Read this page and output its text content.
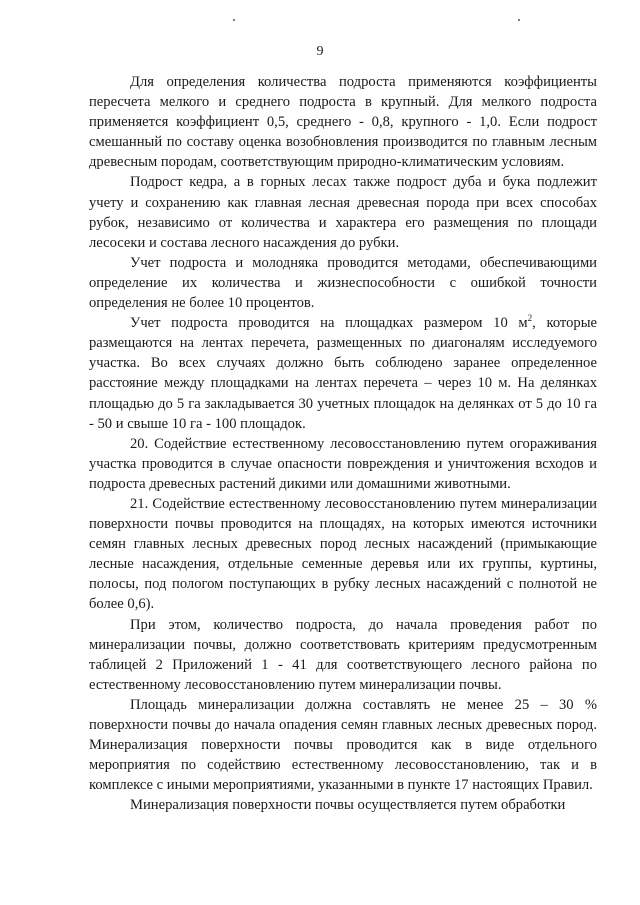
9

Для определения количества подроста применяются коэффициенты пересчета мелкого и среднего подроста в крупный. Для мелкого подроста применяется коэффициент 0,5, среднего - 0,8, крупного - 1,0. Если подрост смешанный по составу оценка возобновления производится по главным лесным древесным породам, соответствующим природно-климатическим условиям.

Подрост кедра, а в горных лесах также подрост дуба и бука подлежит учету и сохранению как главная лесная древесная порода при всех способах рубок, независимо от количества и характера его размещения по площади лесосеки и состава лесного насаждения до рубки.

Учет подроста и молодняка проводится методами, обеспечивающими определение их количества и жизнеспособности с ошибкой точности определения не более 10 процентов.

Учет подроста проводится на площадках размером 10 $м^2$, которые размещаются на лентах перечета, размещенных по диагоналям исследуемого участка. Во всех случаях должно быть соблюдено заранее определенное расстояние между площадками на лентах перечета – через 10 м. На делянках площадью до 5 га закладывается 30 учетных площадок на делянках от 5 до 10 га - 50 и свыше 10 га - 100 площадок.

20. Содействие естественному лесовосстановлению путем огораживания участка проводится в случае опасности повреждения и уничтожения всходов и подроста древесных растений дикими или домашними животными.

21. Содействие естественному лесовосстановлению путем минерализации поверхности почвы проводится на площадях, на которых имеются источники семян главных лесных древесных пород лесных насаждений (примыкающие лесные насаждения, отдельные семенные деревья или их группы, куртины, полосы, под пологом поступающих в рубку лесных насаждений с полнотой не более 0,6).

При этом, количество подроста, до начала проведения работ по минерализации почвы, должно соответствовать критериям предусмотренным таблицей 2 Приложений 1 - 41 для соответствующего лесного района по естественному лесовосстановлению путем минерализации почвы.

Площадь минерализации должна составлять не менее 25 – 30 % поверхности почвы до начала опадения семян главных лесных древесных пород. Минерализация поверхности почвы проводится как в виде отдельного мероприятия по содействию естественному лесовосстановлению, так и в комплексе с иными мероприятиями, указанными в пункте 17 настоящих Правил.

Минерализация поверхности почвы осуществляется путем обработки
